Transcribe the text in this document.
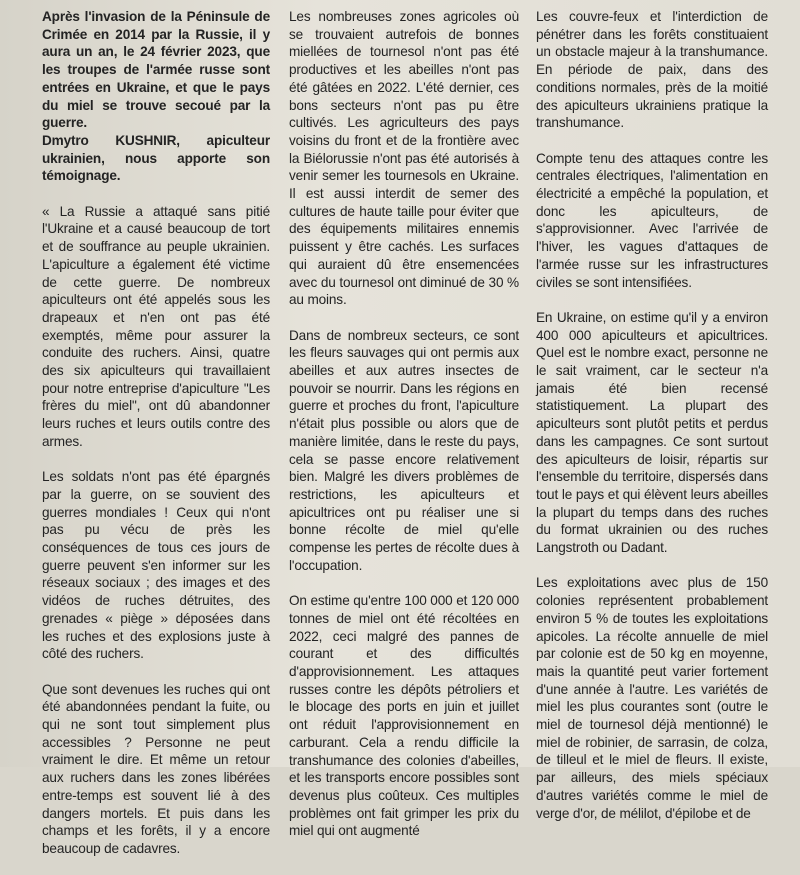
Après l'invasion de la Péninsule de Crimée en 2014 par la Russie, il y aura un an, le 24 février 2023, que les troupes de l'armée russe sont entrées en Ukraine, et que le pays du miel se trouve secoué par la guerre.

Dmytro KUSHNIR, apiculteur ukrainien, nous apporte son témoignage.

« La Russie a attaqué sans pitié l'Ukraine et a causé beaucoup de tort et de souffrance au peuple ukrainien. L'apiculture a également été victime de cette guerre. De nombreux apiculteurs ont été appelés sous les drapeaux et n'en ont pas été exemptés, même pour assurer la conduite des ruchers. Ainsi, quatre des six apiculteurs qui travaillaient pour notre entreprise d'apiculture "Les frères du miel", ont dû abandonner leurs ruches et leurs outils contre des armes.

Les soldats n'ont pas été épargnés par la guerre, on se souvient des guerres mondiales ! Ceux qui n'ont pas pu vécu de près les conséquences de tous ces jours de guerre peuvent s'en informer sur les réseaux sociaux ; des images et des vidéos de ruches détruites, des grenades « piège » déposées dans les ruches et des explosions juste à côté des ruchers.

Que sont devenues les ruches qui ont été abandonnées pendant la fuite, ou qui ne sont tout simplement plus accessibles ? Personne ne peut vraiment le dire. Et même un retour aux ruchers dans les zones libérées entre-temps est souvent lié à des dangers mortels. Et puis dans les champs et les forêts, il y a encore beaucoup de cadavres.

Les nombreuses zones agricoles où se trouvaient autrefois de bonnes miellées de tournesol n'ont pas été productives et les abeilles n'ont pas été gâtées en 2022. L'été dernier, ces bons secteurs n'ont pas pu être cultivés. Les agriculteurs des pays voisins du front et de la frontière avec la Biélorussie n'ont pas été autorisés à venir semer les tournesols en Ukraine. Il est aussi interdit de semer des cultures de haute taille pour éviter que des équipements militaires ennemis puissent y être cachés. Les surfaces qui auraient dû être ensemencées avec du tournesol ont diminué de 30 % au moins.

Dans de nombreux secteurs, ce sont les fleurs sauvages qui ont permis aux abeilles et aux autres insectes de pouvoir se nourrir. Dans les régions en guerre et proches du front, l'apiculture n'était plus possible ou alors que de manière limitée, dans le reste du pays, cela se passe encore relativement bien. Malgré les divers problèmes de restrictions, les apiculteurs et apicultrices ont pu réaliser une si bonne récolte de miel qu'elle compense les pertes de récolte dues à l'occupation.

On estime qu'entre 100 000 et 120 000 tonnes de miel ont été récoltées en 2022, ceci malgré des pannes de courant et des difficultés d'approvisionnement. Les attaques russes contre les dépôts pétroliers et le blocage des ports en juin et juillet ont réduit l'approvisionnement en carburant. Cela a rendu difficile la transhumance des colonies d'abeilles, et les transports encore possibles sont devenus plus coûteux. Ces multiples problèmes ont fait grimper les prix du miel qui ont augmenté

Les couvre-feux et l'interdiction de pénétrer dans les forêts constituaient un obstacle majeur à la transhumance. En période de paix, dans des conditions normales, près de la moitié des apiculteurs ukrainiens pratique la transhumance.

Compte tenu des attaques contre les centrales électriques, l'alimentation en électricité a empêché la population, et donc les apiculteurs, de s'approvisionner. Avec l'arrivée de l'hiver, les vagues d'attaques de l'armée russe sur les infrastructures civiles se sont intensifiées.

En Ukraine, on estime qu'il y a environ 400 000 apiculteurs et apicultrices. Quel est le nombre exact, personne ne le sait vraiment, car le secteur n'a jamais été bien recensé statistiquement. La plupart des apiculteurs sont plutôt petits et perdus dans les campagnes. Ce sont surtout des apiculteurs de loisir, répartis sur l'ensemble du territoire, dispersés dans tout le pays et qui élèvent leurs abeilles la plupart du temps dans des ruches du format ukrainien ou des ruches Langstroth ou Dadant.

Les exploitations avec plus de 150 colonies représentent probablement environ 5 % de toutes les exploitations apicoles. La récolte annuelle de miel par colonie est de 50 kg en moyenne, mais la quantité peut varier fortement d'une année à l'autre. Les variétés de miel les plus courantes sont (outre le miel de tournesol déjà mentionné) le miel de robinier, de sarrasin, de colza, de tilleul et le miel de fleurs. Il existe, par ailleurs, des miels spéciaux d'autres variétés comme le miel de verge d'or, de mélilot, d'épilobe et de
